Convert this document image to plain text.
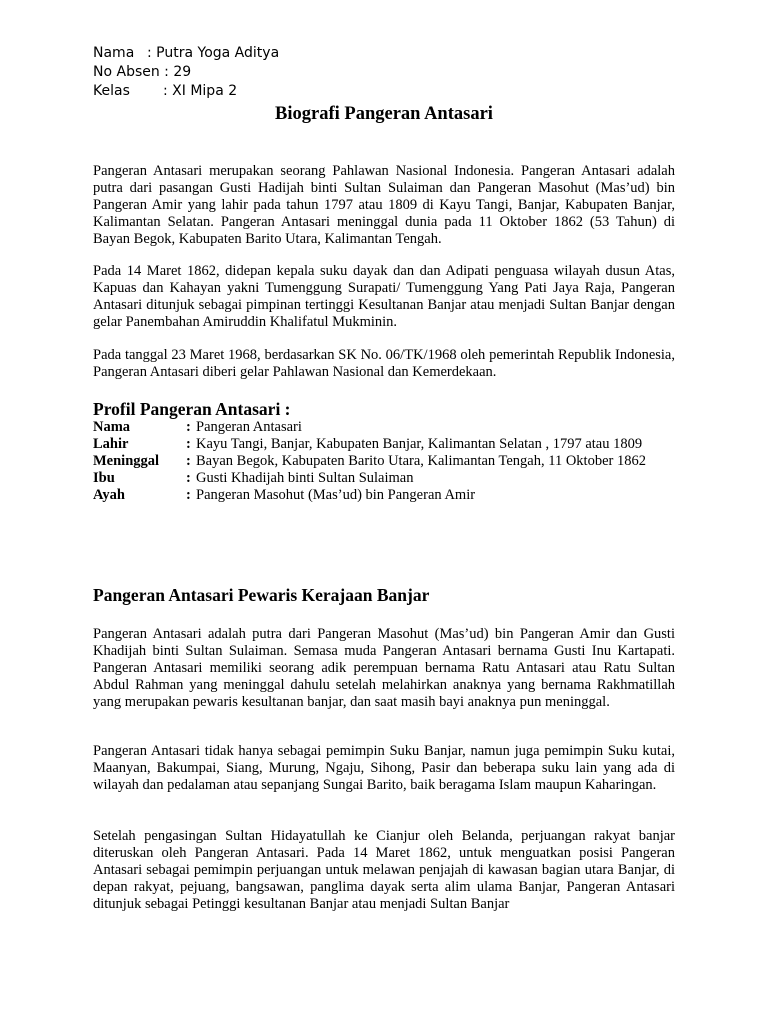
Nama : Putra Yoga Aditya
No Absen : 29
Kelas	: XI Mipa 2
Biografi Pangeran Antasari

Pangeran Antasari merupakan seorang Pahlawan Nasional Indonesia. Pangeran Antasari adalah putra dari pasangan Gusti Hadijah binti Sultan Sulaiman dan Pangeran Masohut (Mas’ud) bin Pangeran Amir yang lahir pada tahun 1797 atau 1809 di Kayu Tangi, Banjar, Kabupaten Banjar, Kalimantan Selatan. Pangeran Antasari meninggal dunia pada 11 Oktober 1862 (53 Tahun) di Bayan Begok, Kabupaten Barito Utara, Kalimantan Tengah.

Pada 14 Maret 1862, didepan kepala suku dayak dan dan Adipati penguasa wilayah dusun Atas, Kapuas dan Kahayan yakni Tumenggung Surapati/ Tumenggung Yang Pati Jaya Raja, Pangeran Antasari ditunjuk sebagai pimpinan tertinggi Kesultanan Banjar atau menjadi Sultan Banjar dengan gelar Panembahan Amiruddin Khalifatul Mukminin.

Pada tanggal 23 Maret 1968, berdasarkan SK No. 06/TK/1968 oleh pemerintah Republik Indonesia, Pangeran Antasari diberi gelar Pahlawan Nasional dan Kemerdekaan.

Profil Pangeran Antasari :
Nama	: Pangeran Antasari
Lahir	: Kayu Tangi, Banjar, Kabupaten Banjar, Kalimantan Selatan , 1797 atau 1809
Meninggal	: Bayan Begok, Kabupaten Barito Utara, Kalimantan Tengah, 11 Oktober 1862
Ibu	: Gusti Khadijah binti Sultan Sulaiman
Ayah	: Pangeran Masohut (Mas’ud) bin Pangeran Amir
Pangeran Antasari Pewaris Kerajaan Banjar

Pangeran Antasari adalah putra dari Pangeran Masohut (Mas’ud) bin Pangeran Amir dan Gusti Khadijah binti Sultan Sulaiman. Semasa muda Pangeran Antasari bernama Gusti Inu Kartapati. Pangeran Antasari memiliki seorang adik perempuan bernama Ratu Antasari atau Ratu Sultan Abdul Rahman yang meninggal dahulu setelah melahirkan anaknya yang bernama Rakhmatillah yang merupakan pewaris kesultanan banjar, dan saat masih bayi anaknya pun meninggal.

Pangeran Antasari tidak hanya sebagai pemimpin Suku Banjar, namun juga pemimpin Suku kutai, Maanyan, Bakumpai, Siang, Murung, Ngaju, Sihong, Pasir dan beberapa suku lain yang ada di wilayah dan pedalaman atau sepanjang Sungai Barito, baik beragama Islam maupun Kaharingan.

Setelah pengasingan Sultan Hidayatullah ke Cianjur oleh Belanda, perjuangan rakyat banjar diteruskan oleh Pangeran Antasari. Pada 14 Maret 1862, untuk menguatkan posisi Pangeran Antasari sebagai pemimpin perjuangan untuk melawan penjajah di kawasan bagian utara Banjar, di depan rakyat, pejuang, bangsawan, panglima dayak serta alim ulama Banjar, Pangeran Antasari ditunjuk sebagai Petinggi kesultanan Banjar atau menjadi Sultan Banjar
